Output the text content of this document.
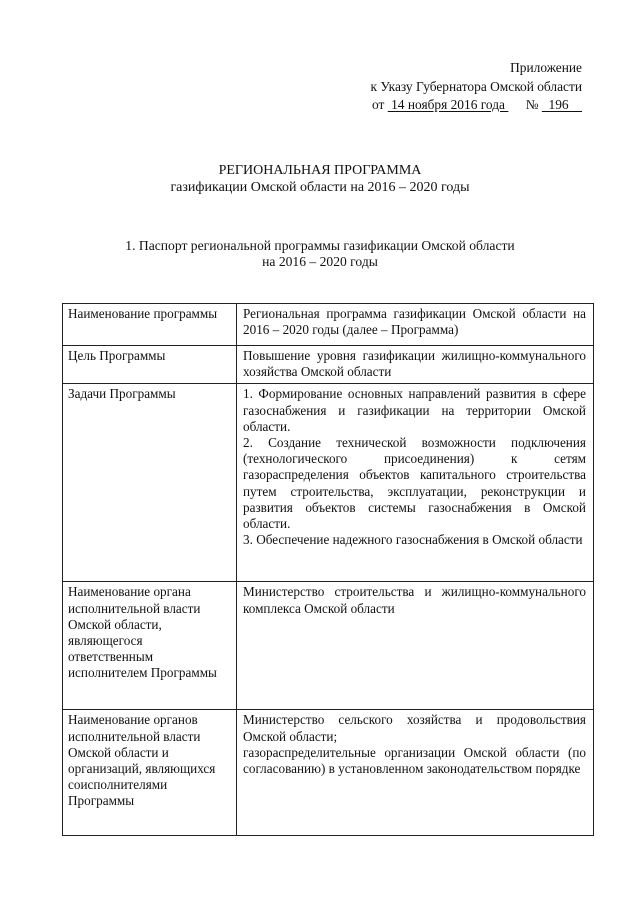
Приложение
к Указу Губернатора Омской области
от  14 ноября 2016 года  №   196
РЕГИОНАЛЬНАЯ ПРОГРАММА
газификации Омской области на 2016 – 2020 годы
1. Паспорт региональной программы газификации Омской области
на 2016 – 2020 годы
Наименование программы	Региональная программа газификации Омской области на 2016 – 2020 годы (далее – Программа)

Цель Программы	Повышение уровня газификации жилищно-коммунального хозяйства Омской области

Задачи Программы	1. Формирование основных направлений развития в сфере газоснабжения и газификации на территории Омской области.
2. Создание технической возможности подключения (технологического присоединения) к сетям газораспределения объектов капитального строительства путем строительства, эксплуатации, реконструкции и развития объектов системы газоснабжения в Омской области.
3. Обеспечение надежного газоснабжения в Омской области

Наименование органа исполнительной власти Омской области, являющегося ответственным исполнителем Программы	Министерство строительства и жилищно-коммунального комплекса Омской области

Наименование органов исполнительной власти Омской области и организаций, являющихся соисполнителями Программы	Министерство сельского хозяйства и продовольствия Омской области;
газораспределительные организации Омской области (по согласованию) в установленном законодательством порядке
